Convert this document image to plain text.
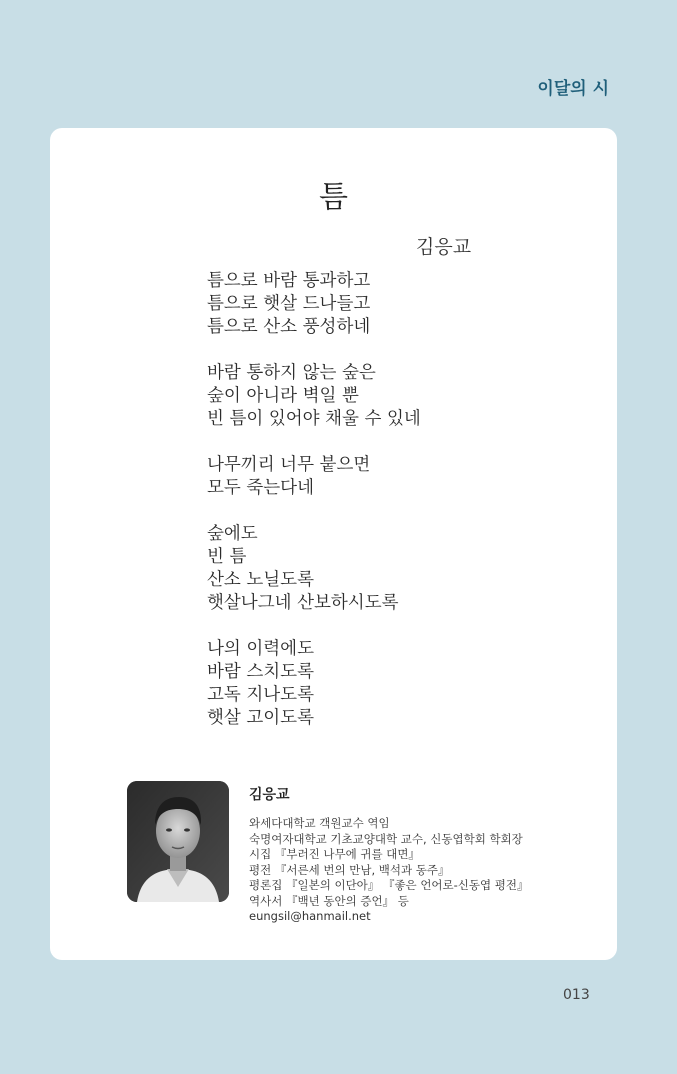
이달의 시
틈
김응교
틈으로 바람 통과하고
틈으로 햇살 드나들고
틈으로 산소 풍성하네
바람 통하지 않는 숲은
숲이 아니라 벽일 뿐
빈 틈이 있어야 채울 수 있네
나무끼리 너무 붙으면
모두 죽는다네
숲에도
빈 틈
산소 노닐도록
햇살나그네 산보하시도록
나의 이력에도
바람 스치도록
고독 지나도록
햇살 고이도록
김응교
와세다대학교 객원교수 역임
숙명여자대학교 기초교양대학 교수, 신동엽학회 학회장
시집 『부러진 나무에 귀를 대면』
평전 『서른세 번의 만남, 백석과 동주』
평론집 『일본의 이단아』 『좋은 언어로-신동엽 평전』
역사서 『백년 동안의 증언』 등
eungsil@hanmail.net
013
